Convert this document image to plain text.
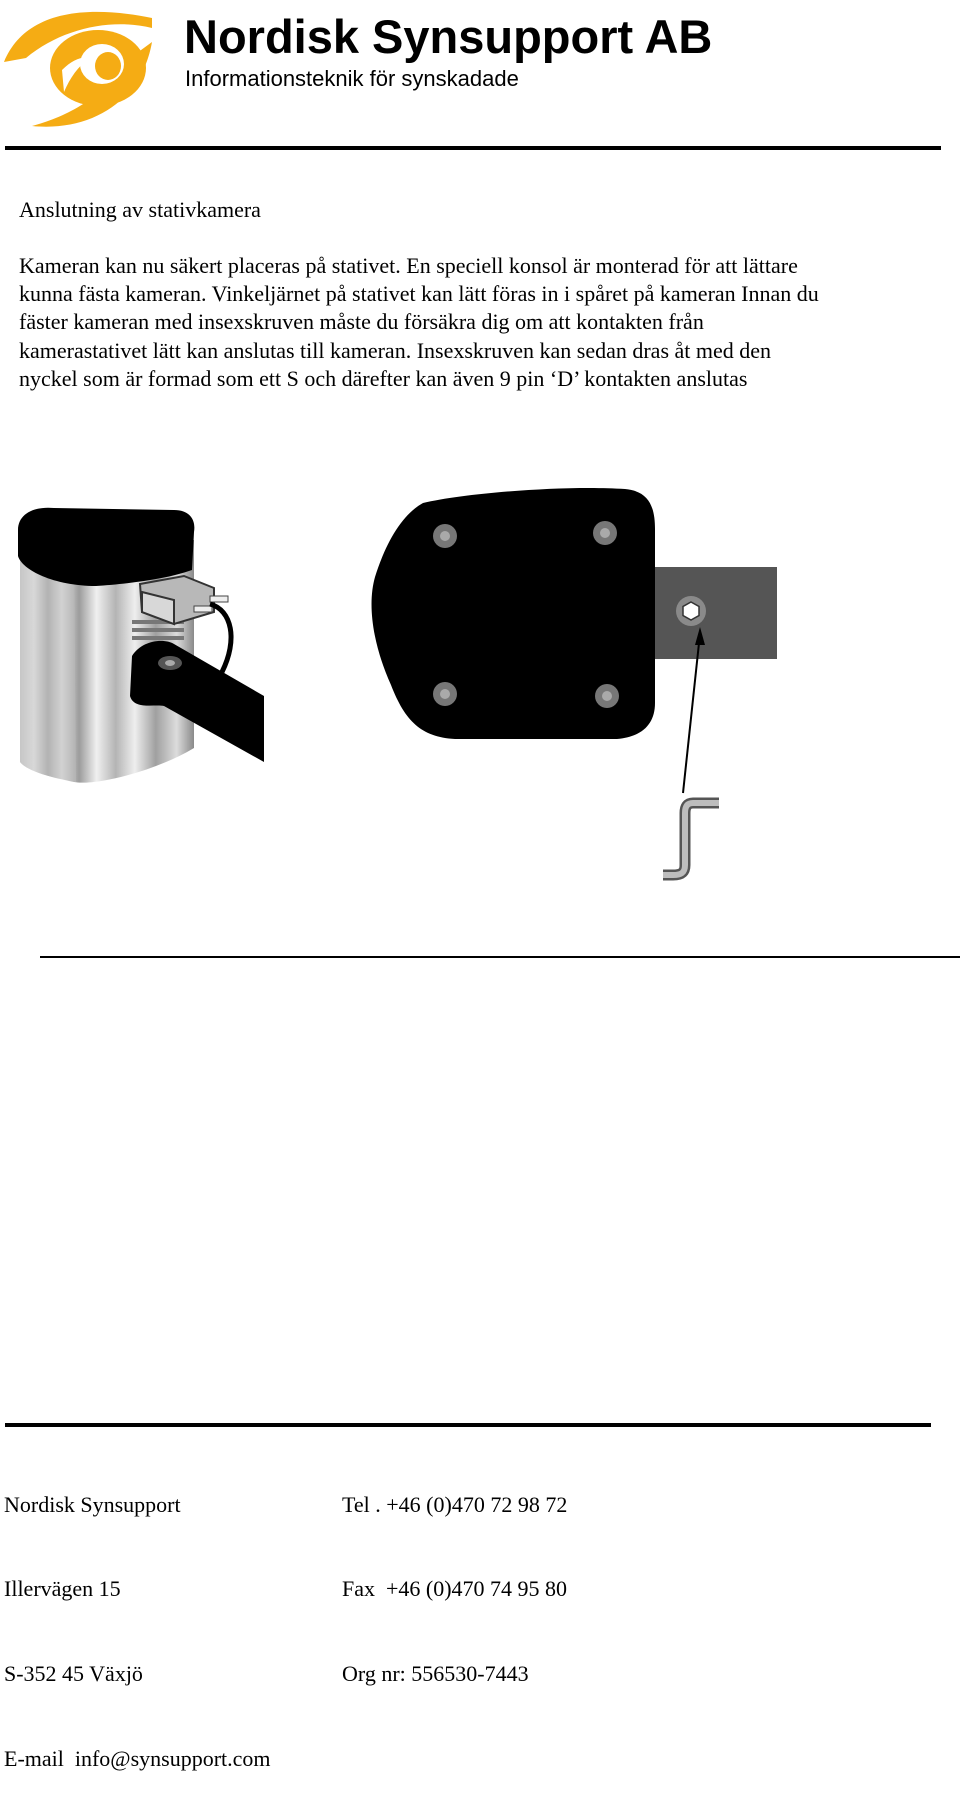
Nordisk Synsupport AB
Informationsteknik för synskadade
Anslutning av stativkamera
Kameran kan nu säkert placeras på stativet. En speciell konsol är monterad för att lättare
kunna fästa kameran. Vinkeljärnet på stativet kan lätt föras in i spåret på kameran Innan du
fäster kameran med insexskruven måste du försäkra dig om att kontakten från
kamerastativet lätt kan anslutas till kameran. Insexskruven kan sedan dras åt med den
nyckel som är formad som ett S och därefter kan även 9 pin ‘D’ kontakten anslutas

Nordisk Synsupport

Illervägen 15

S-352 45 Växjö

E-mail  info@synsupport.com

Tel . +46 (0)470 72 98 72

Fax  +46 (0)470 74 95 80

Org nr: 556530-7443
